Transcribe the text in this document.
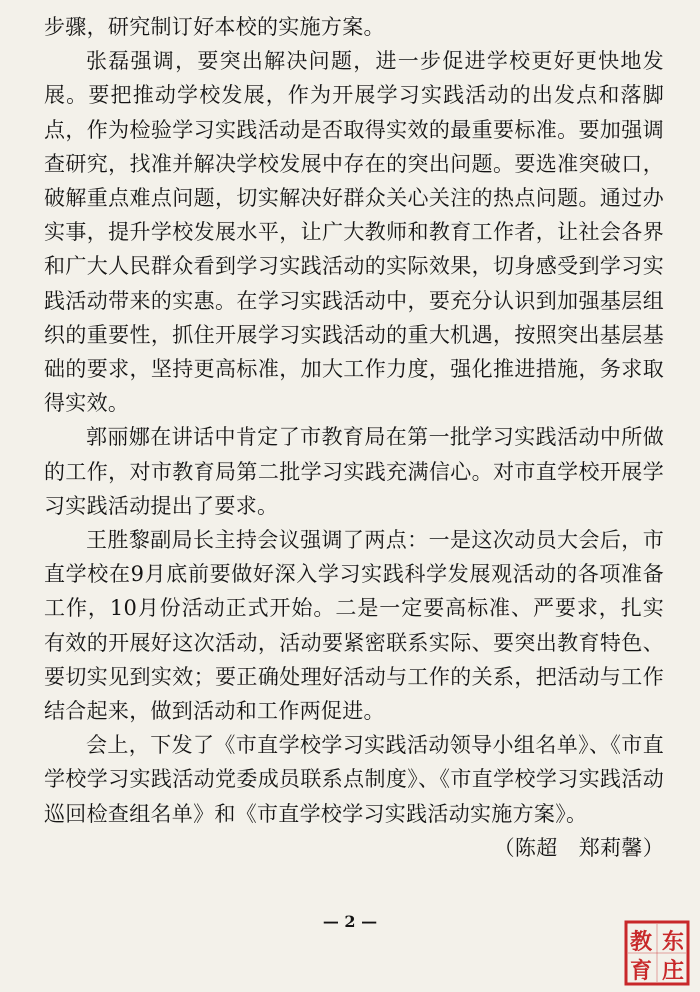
步骤，研究制订好本校的实施方案。

张磊强调，要突出解决问题，进一步促进学校更好更快地发展。要把推动学校发展，作为开展学习实践活动的出发点和落脚点，作为检验学习实践活动是否取得实效的最重要标准。要加强调查研究，找准并解决学校发展中存在的突出问题。要选准突破口，破解重点难点问题，切实解决好群众关心关注的热点问题。通过办实事，提升学校发展水平，让广大教师和教育工作者，让社会各界和广大人民群众看到学习实践活动的实际效果，切身感受到学习实践活动带来的实惠。在学习实践活动中，要充分认识到加强基层组织的重要性，抓住开展学习实践活动的重大机遇，按照突出基层基础的要求，坚持更高标准，加大工作力度，强化推进措施，务求取得实效。

郭丽娜在讲话中肯定了市教育局在第一批学习实践活动中所做的工作，对市教育局第二批学习实践充满信心。对市直学校开展学习实践活动提出了要求。

王胜黎副局长主持会议强调了两点：一是这次动员大会后，市直学校在9月底前要做好深入学习实践科学发展观活动的各项准备工作，10月份活动正式开始。二是一定要高标准、严要求，扎实有效的开展好这次活动，活动要紧密联系实际、要突出教育特色、要切实见到实效；要正确处理好活动与工作的关系，把活动与工作结合起来，做到活动和工作两促进。

会上，下发了《市直学校学习实践活动领导小组名单》、《市直学校学习实践活动党委成员联系点制度》、《市直学校学习实践活动巡回检查组名单》和《市直学校学习实践活动实施方案》。

（陈超　郑莉馨）

— 2 —
教 东
育 庄
